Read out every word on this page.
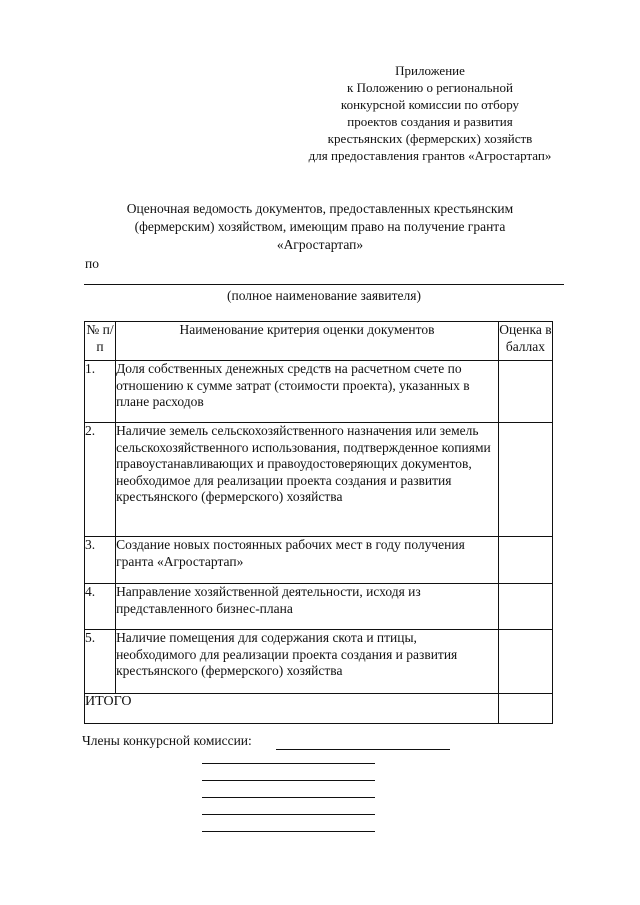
Приложение
к Положению о региональной
конкурсной комиссии по отбору
проектов создания и развития
крестьянских (фермерских) хозяйств
для предоставления грантов «Агростартап»
Оценочная ведомость документов, предоставленных крестьянским
(фермерским) хозяйством, имеющим право на получение гранта
«Агростартап»
по
(полное наименование заявителя)
№ п/п	Наименование критерия оценки документов	Оценка в баллах
1.	Доля собственных денежных средств на расчетном счете по отношению к сумме затрат (стоимости проекта), указанных в плане расходов	
2.	Наличие земель сельскохозяйственного назначения или земель сельскохозяйственного использования, подтвержденное копиями правоустанавливающих и правоудостоверяющих документов, необходимое для реализации проекта создания и развития крестьянского (фермерского) хозяйства	
3.	Создание новых постоянных рабочих мест в году получения гранта «Агростартап»	
4.	Направление хозяйственной деятельности, исходя из представленного бизнес-плана	
5.	Наличие помещения для содержания скота и птицы, необходимого для реализации проекта создания и развития крестьянского (фермерского) хозяйства	
ИТОГО		
Члены конкурсной комиссии:
